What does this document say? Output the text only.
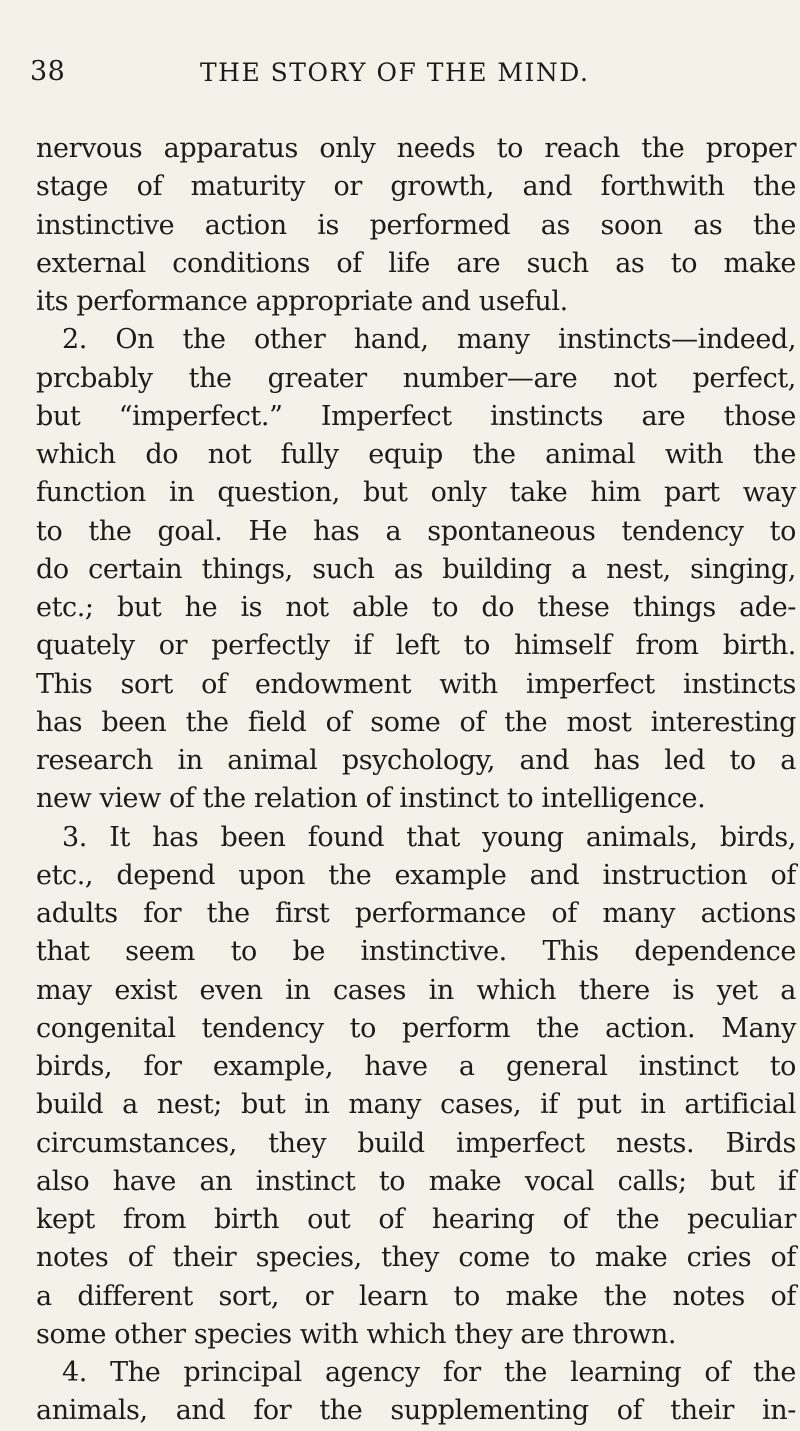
38	THE STORY OF THE MIND.
nervous apparatus only needs to reach the proper
stage of maturity or growth, and forthwith the
instinctive action is performed as soon as the
external conditions of life are such as to make
its performance appropriate and useful.
2. On the other hand, many instincts—indeed,
prcbably the greater number—are not perfect,
but “imperfect.” Imperfect instincts are those
which do not fully equip the animal with the
function in question, but only take him part way
to the goal. He has a spontaneous tendency to
do certain things, such as building a nest, singing,
etc.; but he is not able to do these things ade-
quately or perfectly if left to himself from birth.
This sort of endowment with imperfect instincts
has been the field of some of the most interesting
research in animal psychology, and has led to a
new view of the relation of instinct to intelligence.
3. It has been found that young animals, birds,
etc., depend upon the example and instruction of
adults for the first performance of many actions
that seem to be instinctive. This dependence
may exist even in cases in which there is yet a
congenital tendency to perform the action. Many
birds, for example, have a general instinct to
build a nest; but in many cases, if put in artificial
circumstances, they build imperfect nests. Birds
also have an instinct to make vocal calls; but if
kept from birth out of hearing of the peculiar
notes of their species, they come to make cries of
a different sort, or learn to make the notes of
some other species with which they are thrown.
4. The principal agency for the learning of the
animals, and for the supplementing of their in-
